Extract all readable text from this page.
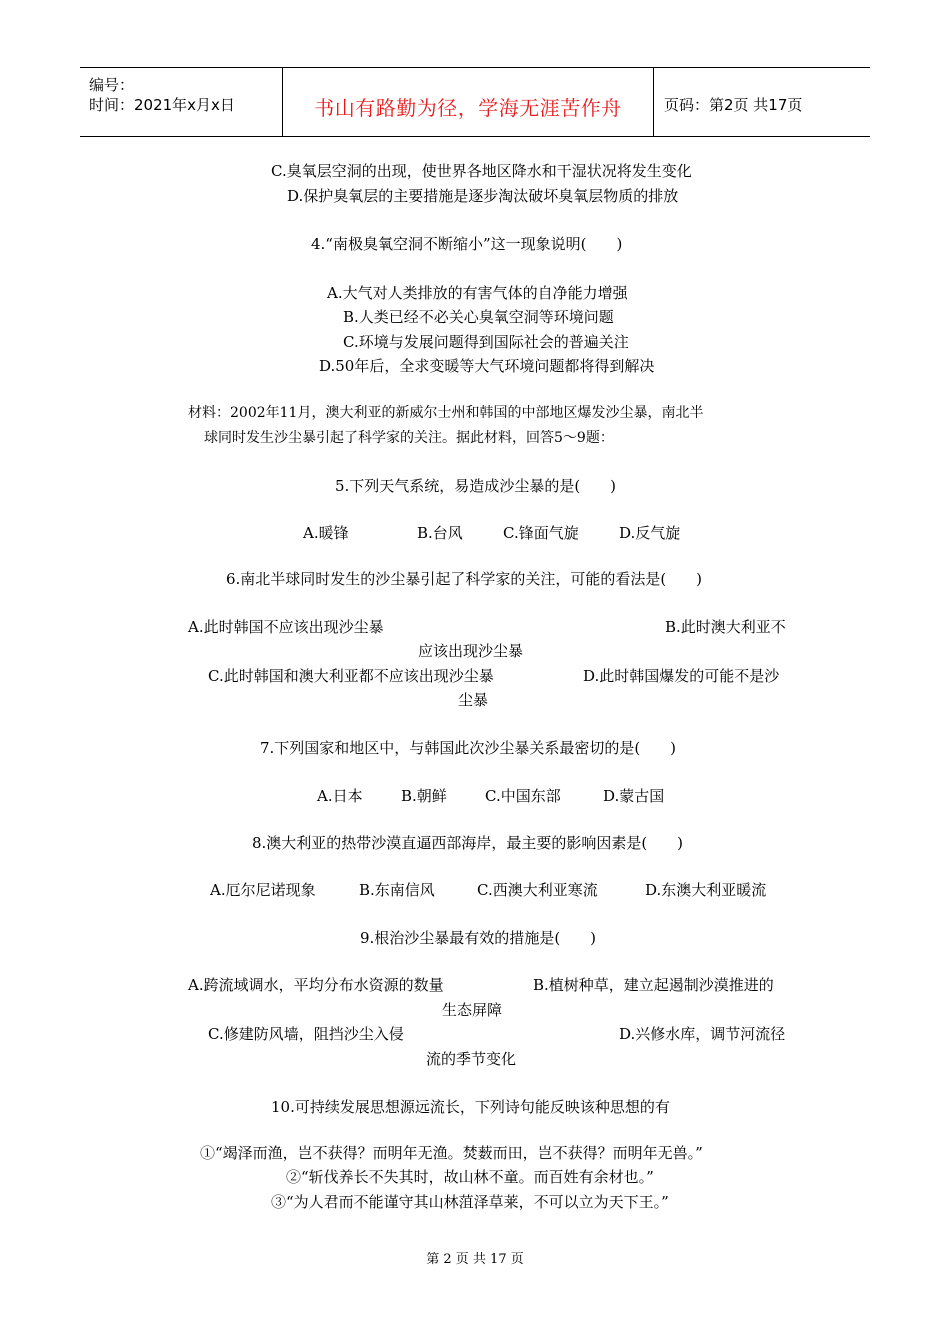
编号：
时间：2021年x月x日	书山有路勤为径，学海无涯苦作舟	页码：第2页 共17页
C.臭氧层空洞的出现，使世界各地区降水和干湿状况将发生变化
D.保护臭氧层的主要措施是逐步淘汰破坏臭氧层物质的排放
4.“南极臭氧空洞不断缩小”这一现象说明(　　)
A.大气对人类排放的有害气体的自净能力增强
B.人类已经不必关心臭氧空洞等环境问题
C.环境与发展问题得到国际社会的普遍关注
D.50年后，全求变暖等大气环境问题都将得到解决
材料：2002年11月，澳大利亚的新威尔士州和韩国的中部地区爆发沙尘暴，南北半
球同时发生沙尘暴引起了科学家的关注。据此材料，回答5～9题：
5.下列天气系统，易造成沙尘暴的是(　　)
A.暖锋	B.台风	C.锋面气旋	D.反气旋
6.南北半球同时发生的沙尘暴引起了科学家的关注，可能的看法是(　　)
A.此时韩国不应该出现沙尘暴	B.此时澳大利亚不
应该出现沙尘暴
C.此时韩国和澳大利亚都不应该出现沙尘暴	D.此时韩国爆发的可能不是沙
尘暴
7.下列国家和地区中，与韩国此次沙尘暴关系最密切的是(　　)
A.日本	B.朝鲜	C.中国东部	D.蒙古国
8.澳大利亚的热带沙漠直逼西部海岸，最主要的影响因素是(　　)
A.厄尔尼诺现象	B.东南信风	C.西澳大利亚寒流	D.东澳大利亚暖流
9.根治沙尘暴最有效的措施是(　　)
A.跨流域调水，平均分布水资源的数量	B.植树种草，建立起遏制沙漠推进的
生态屏障
C.修建防风墙，阻挡沙尘入侵	D.兴修水库，调节河流径
流的季节变化
10.可持续发展思想源远流长，下列诗句能反映该种思想的有
①“竭泽而渔，岂不获得？而明年无渔。焚薮而田，岂不获得？而明年无兽。”
②“斩伐养长不失其时，故山林不童。而百姓有余材也。”
③“为人君而不能谨守其山林菹泽草莱，不可以立为天下王。”
第 2 页 共 17 页
